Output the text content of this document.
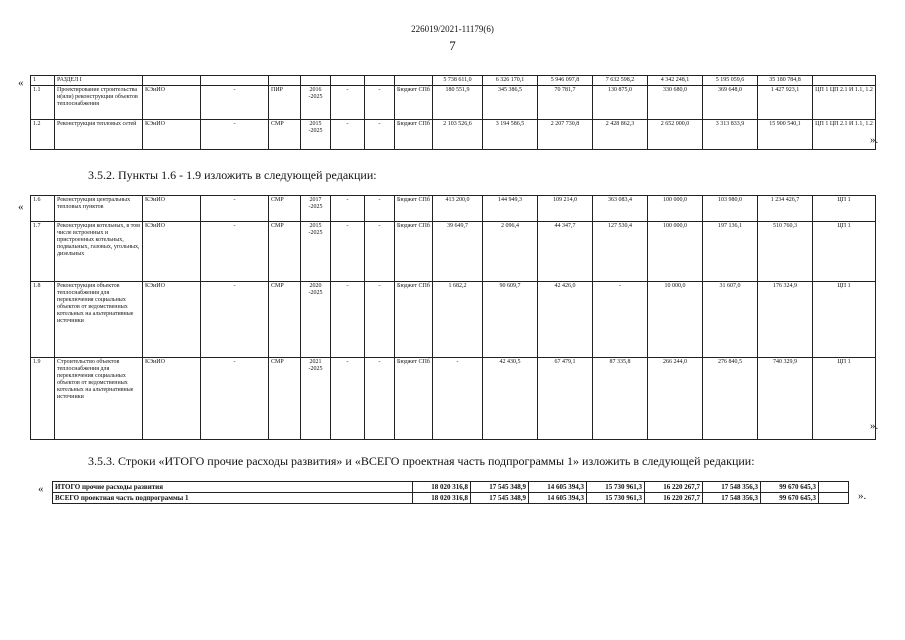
226019/2021-11179(6)
7
« 1	РАЗДЕЛ I								5 738 611,0	6 326 170,1	5 946 097,8	7 632 598,2	4 342 248,1	5 195 059,6	35 180 784,8	
1.1	Проектирование строительства и(или) реконструкции объектов теплоснабжения	КЭиИО	-	ПИР	2016 -2025	-	-	Бюджет СПб	180 551,9	345 386,5	70 781,7	130 875,0	330 680,0	369 648,0	1 427 923,1	ЦП 1 ЦП 2.1 И 1.1, 1.2
1.2	Реконструкция тепловых сетей	КЭиИО	-	СМР	2015 -2025	-	-	Бюджет СПб	2 103 526,6	3 194 586,5	2 207 730,8	2 428 862,3	2 652 000,0	3 313 833,9	15 900 540,1	ЦП 1 ЦП 2.1 И 1.1, 1.2
».
3.5.2. Пункты 1.6 - 1.9 изложить в следующей редакции:
«
1.6	Реконструкция центральных тепловых пунктов	КЭиИО	-	СМР	2017 -2025	-	-	Бюджет СПб	413 200,0	144 949,3	109 214,0	363 083,4	100 000,0	103 980,0	1 234 426,7	ЦП 1
1.7	Реконструкция котельных, в том числе встроенных и пристроенных котельных, подвальных, газовых, угольных, дизельных	КЭиИО	-	СМР	2015 -2025	-	-	Бюджет СПб	39 649,7	2 096,4	44 347,7	127 530,4	100 000,0	197 136,1	510 760,3	ЦП 1
1.8	Реконструкция объектов теплоснабжения для переключения социальных объектов от ведомственных котельных на альтернативные источники	КЭиИО	-	СМР	2020 -2025	-	-	Бюджет СПб	1 682,2	90 609,7	42 426,0	-	10 000,0	31 607,0	176 324,9	ЦП 1
1.9	Строительство объектов теплоснабжения для переключения социальных объектов от ведомственных котельных на альтернативные источники	КЭиИО	-	СМР	2021 -2025	-	-	Бюджет СПб	-	42 430,5	67 479,1	87 335,8	266 244,0	276 840,5	740 329,9	ЦП 1
».
3.5.3. Строки «ИТОГО прочие расходы развития» и «ВСЕГО проектная часть подпрограммы 1» изложить в следующей редакции:
« ИТОГО прочие расходы развития	18 020 316,8	17 545 348,9	14 605 394,3	15 730 961,3	16 220 267,7	17 548 356,3	99 670 645,3	
ВСЕГО проектная часть подпрограммы 1	18 020 316,8	17 545 348,9	14 605 394,3	15 730 961,3	16 220 267,7	17 548 356,3	99 670 645,3		».
